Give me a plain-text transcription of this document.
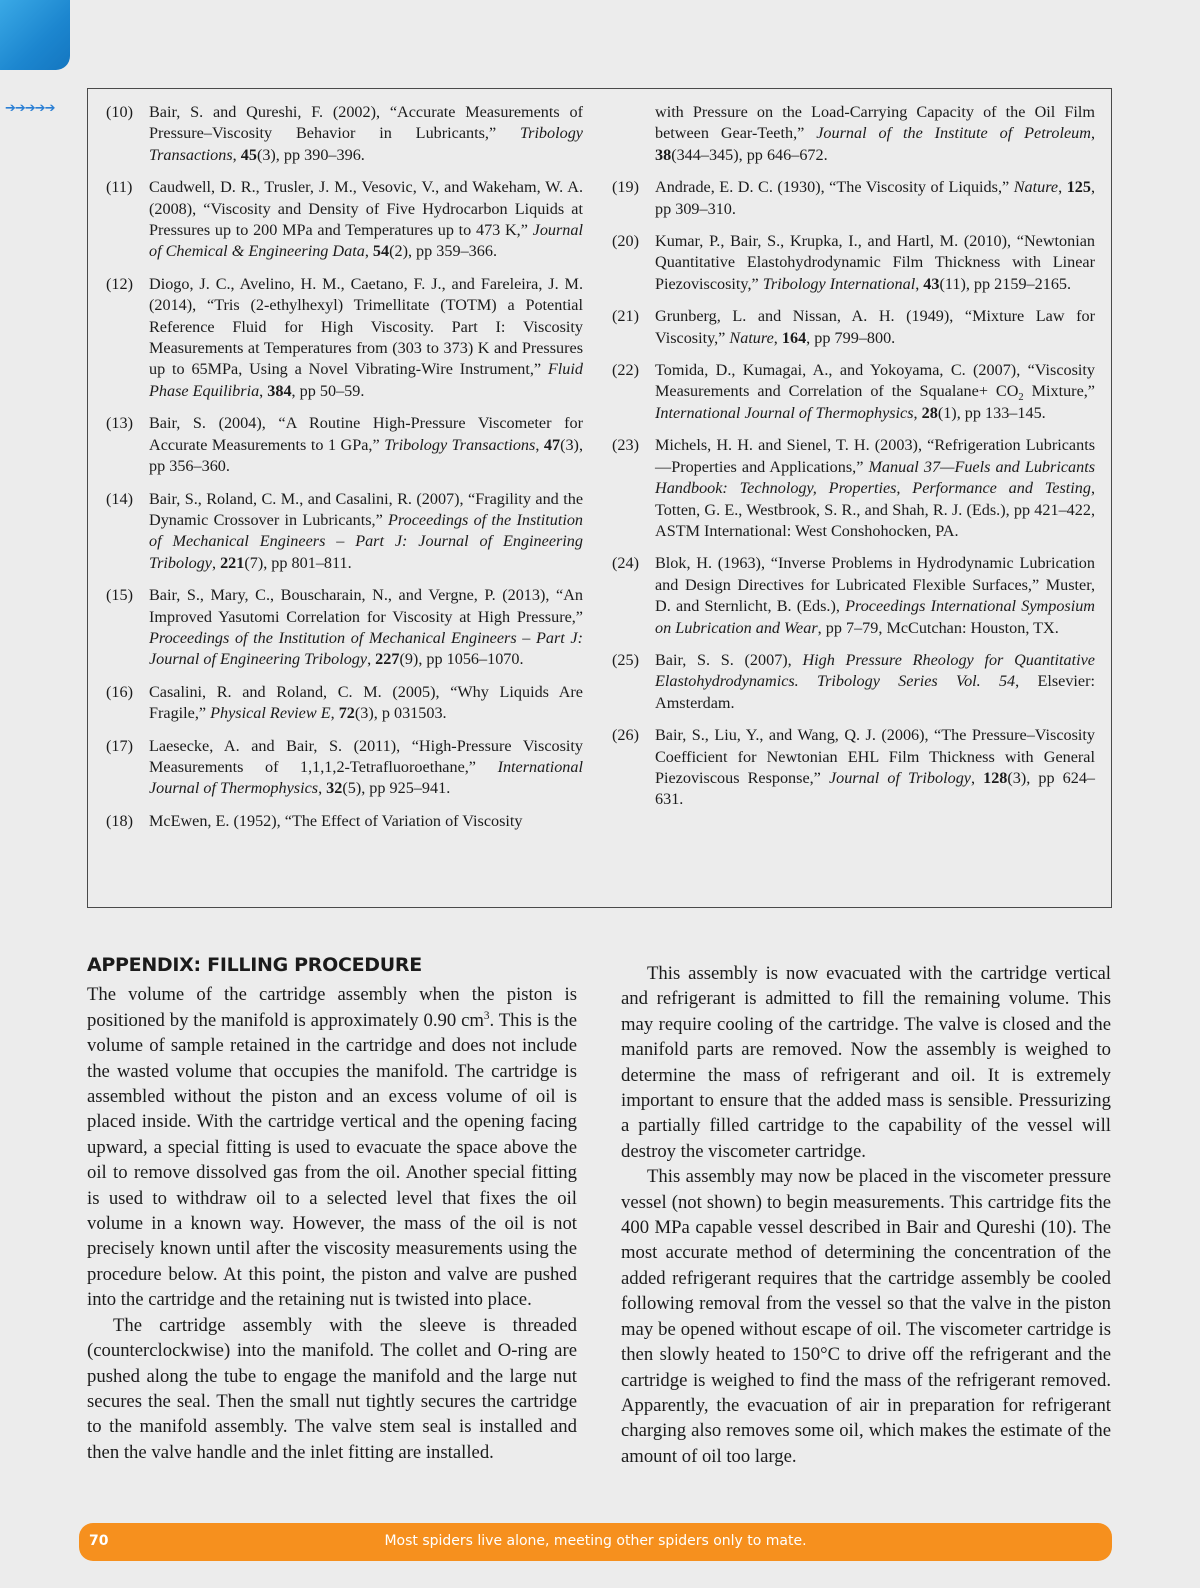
➔➔➔➔➔	(10) Bair, S. and Qureshi, F. (2002), “Accurate Measurements of Pressure–Viscosity Behavior in Lubricants,” Tribology Transactions, 45(3), pp 390–396.
(11) Caudwell, D. R., Trusler, J. M., Vesovic, V., and Wakeham, W. A. (2008), “Viscosity and Density of Five Hydrocarbon Liquids at Pressures up to 200 MPa and Temperatures up to 473 K,” Journal of Chemical & Engineering Data, 54(2), pp 359–366.
(12) Diogo, J. C., Avelino, H. M., Caetano, F. J., and Fareleira, J. M. (2014), “Tris (2-ethylhexyl) Trimellitate (TOTM) a Potential Reference Fluid for High Viscosity. Part I: Viscosity Measurements at Temperatures from (303 to 373) K and Pressures up to 65MPa, Using a Novel Vibrating-Wire Instrument,” Fluid Phase Equilibria, 384, pp 50–59.
(13) Bair, S. (2004), “A Routine High-Pressure Viscometer for Accurate Measurements to 1 GPa,” Tribology Transactions, 47(3), pp 356–360.
(14) Bair, S., Roland, C. M., and Casalini, R. (2007), “Fragility and the Dynamic Crossover in Lubricants,” Proceedings of the Institution of Mechanical Engineers – Part J: Journal of Engineering Tribology, 221(7), pp 801–811.
(15) Bair, S., Mary, C., Bouscharain, N., and Vergne, P. (2013), “An Improved Yasutomi Correlation for Viscosity at High Pressure,” Proceedings of the Institution of Mechanical Engineers – Part J: Journal of Engineering Tribology, 227(9), pp 1056–1070.
(16) Casalini, R. and Roland, C. M. (2005), “Why Liquids Are Fragile,” Physical Review E, 72(3), p 031503.
(17) Laesecke, A. and Bair, S. (2011), “High-Pressure Viscosity Measurements of 1,1,1,2-Tetrafluoroethane,” International Journal of Thermophysics, 32(5), pp 925–941.
(18) McEwen, E. (1952), “The Effect of Variation of Viscosity
with Pressure on the Load-Carrying Capacity of the Oil Film between Gear-Teeth,” Journal of the Institute of Petroleum, 38(344–345), pp 646–672.
(19) Andrade, E. D. C. (1930), “The Viscosity of Liquids,” Nature, 125, pp 309–310.
(20) Kumar, P., Bair, S., Krupka, I., and Hartl, M. (2010), “Newtonian Quantitative Elastohydrodynamic Film Thickness with Linear Piezoviscosity,” Tribology International, 43(11), pp 2159–2165.
(21) Grunberg, L. and Nissan, A. H. (1949), “Mixture Law for Viscosity,” Nature, 164, pp 799–800.
(22) Tomida, D., Kumagai, A., and Yokoyama, C. (2007), “Viscosity Measurements and Correlation of the Squalane+ $CO_2$ Mixture,” International Journal of Thermophysics, 28(1), pp 133–145.
(23) Michels, H. H. and Sienel, T. H. (2003), “Refrigeration Lubricants—Properties and Applications,” Manual 37—Fuels and Lubricants Handbook: Technology, Properties, Performance and Testing, Totten, G. E., Westbrook, S. R., and Shah, R. J. (Eds.), pp 421–422, ASTM International: West Conshohocken, PA.
(24) Blok, H. (1963), “Inverse Problems in Hydrodynamic Lubrication and Design Directives for Lubricated Flexible Surfaces,” Muster, D. and Sternlicht, B. (Eds.), Proceedings International Symposium on Lubrication and Wear, pp 7–79, McCutchan: Houston, TX.
(25) Bair, S. S. (2007), High Pressure Rheology for Quantitative Elastohydrodynamics. Tribology Series Vol. 54, Elsevier: Amsterdam.
(26) Bair, S., Liu, Y., and Wang, Q. J. (2006), “The Pressure–Viscosity Coefficient for Newtonian EHL Film Thickness with General Piezoviscous Response,” Journal of Tribology, 128(3), pp 624–631.
APPENDIX: FILLING PROCEDURE

The volume of the cartridge assembly when the piston is positioned by the manifold is approximately 0.90 $cm^3$. This is the volume of sample retained in the cartridge and does not include the wasted volume that occupies the manifold. The cartridge is assembled without the piston and an excess volume of oil is placed inside. With the cartridge vertical and the opening facing upward, a special fitting is used to evacuate the space above the oil to remove dissolved gas from the oil. Another special fitting is used to withdraw oil to a selected level that fixes the oil volume in a known way. However, the mass of the oil is not precisely known until after the viscosity measurements using the procedure below. At this point, the piston and valve are pushed into the cartridge and the retaining nut is twisted into place.

The cartridge assembly with the sleeve is threaded (counterclockwise) into the manifold. The collet and O-ring are pushed along the tube to engage the manifold and the large nut secures the seal. Then the small nut tightly secures the cartridge to the manifold assembly. The valve stem seal is installed and then the valve handle and the inlet fitting are installed.

This assembly is now evacuated with the cartridge vertical and refrigerant is admitted to fill the remaining volume. This may require cooling of the cartridge. The valve is closed and the manifold parts are removed. Now the assembly is weighed to determine the mass of refrigerant and oil. It is extremely important to ensure that the added mass is sensible. Pressurizing a partially filled cartridge to the capability of the vessel will destroy the viscometer cartridge.

This assembly may now be placed in the viscometer pressure vessel (not shown) to begin measurements. This cartridge fits the 400 MPa capable vessel described in Bair and Qureshi (10). The most accurate method of determining the concentration of the added refrigerant requires that the cartridge assembly be cooled following removal from the vessel so that the valve in the piston may be opened without escape of oil. The viscometer cartridge is then slowly heated to 150°C to drive off the refrigerant and the cartridge is weighed to find the mass of the refrigerant removed. Apparently, the evacuation of air in preparation for refrigerant charging also removes some oil, which makes the estimate of the amount of oil too large.

70	Most spiders live alone, meeting other spiders only to mate.
